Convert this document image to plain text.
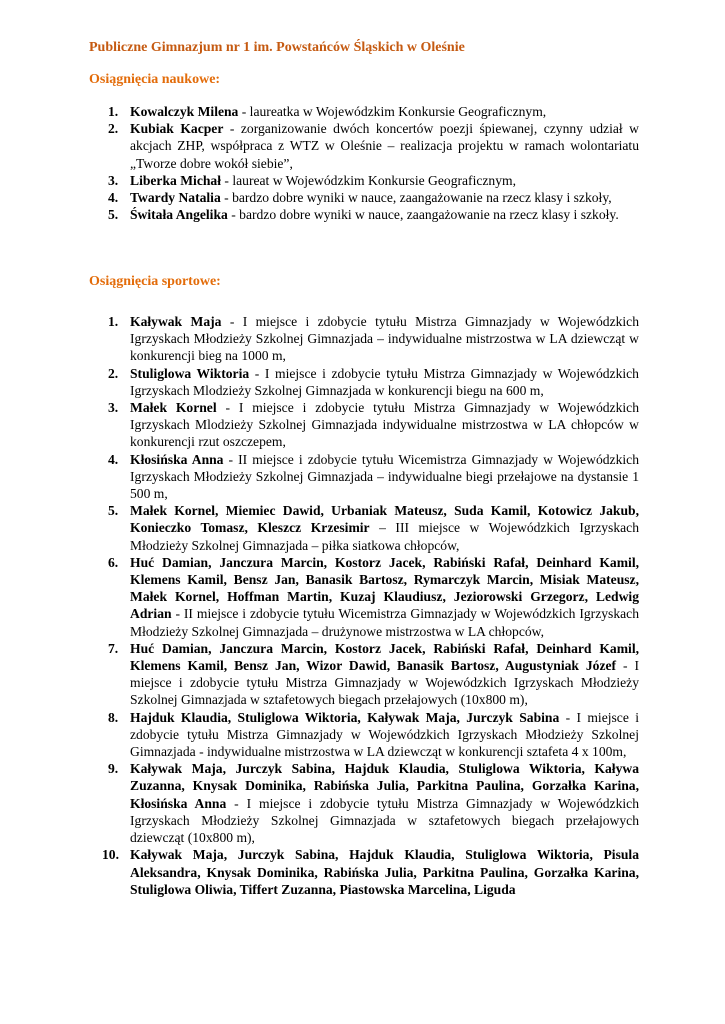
Publiczne Gimnazjum nr 1 im. Powstańców Śląskich w Oleśnie
Osiągnięcia naukowe:
1. Kowalczyk Milena - laureatka w Wojewódzkim Konkursie Geograficznym,
2. Kubiak Kacper - zorganizowanie dwóch koncertów poezji śpiewanej, czynny udział w akcjach ZHP, współpraca z WTZ w Oleśnie – realizacja projektu w ramach wolontariatu „Tworze dobre wokół siebie”,
3. Liberka Michał - laureat w Wojewódzkim Konkursie Geograficznym,
4. Twardy Natalia - bardzo dobre wyniki w nauce, zaangażowanie na rzecz klasy i szkoły,
5. Świtała Angelika - bardzo dobre wyniki w nauce, zaangażowanie na rzecz klasy i szkoły.
Osiągnięcia sportowe:
1. Kaływak Maja - I miejsce i zdobycie tytułu Mistrza Gimnazjady w Wojewódzkich Igrzyskach Młodzieży Szkolnej Gimnazjada – indywidualne mistrzostwa w LA dziewcząt w konkurencji bieg na 1000 m,
2. Stuliglowa Wiktoria - I miejsce i zdobycie tytułu Mistrza Gimnazjady w Wojewódzkich Igrzyskach Mlodzieży Szkolnej Gimnazjada w konkurencji biegu na 600 m,
3. Małek Kornel - I miejsce i zdobycie tytułu Mistrza Gimnazjady w Wojewódzkich Igrzyskach Mlodzieży Szkolnej Gimnazjada indywidualne mistrzostwa w LA chłopców w konkurencji rzut oszczepem,
4. Kłosińska Anna - II miejsce i zdobycie tytułu Wicemistrza Gimnazjady w Wojewódzkich Igrzyskach Młodzieży Szkolnej Gimnazjada – indywidualne biegi przełajowe na dystansie 1 500 m,
5. Małek Kornel, Miemiec Dawid, Urbaniak Mateusz, Suda Kamil, Kotowicz Jakub, Konieczko Tomasz, Kleszcz Krzesimir – III miejsce w Wojewódzkich Igrzyskach Młodzieży Szkolnej Gimnazjada – piłka siatkowa chłopców,
6. Huć Damian, Janczura Marcin, Kostorz Jacek, Rabiński Rafał, Deinhard Kamil, Klemens Kamil, Bensz Jan, Banasik Bartosz, Rymarczyk Marcin, Misiak Mateusz, Małek Kornel, Hoffman Martin, Kuzaj Klaudiusz, Jeziorowski Grzegorz, Ledwig Adrian - II miejsce i zdobycie tytułu Wicemistrza Gimnazjady w Wojewódzkich Igrzyskach Młodzieży Szkolnej Gimnazjada – drużynowe mistrzostwa w LA chłopców,
7. Huć Damian, Janczura Marcin, Kostorz Jacek, Rabiński Rafał, Deinhard Kamil, Klemens Kamil, Bensz Jan, Wizor Dawid, Banasik Bartosz, Augustyniak Józef - I miejsce i zdobycie tytułu Mistrza Gimnazjady w Wojewódzkich Igrzyskach Młodzieży Szkolnej Gimnazjada w sztafetowych biegach przełajowych (10x800 m),
8. Hajduk Klaudia, Stuliglowa Wiktoria, Kaływak Maja, Jurczyk Sabina - I miejsce i zdobycie tytułu Mistrza Gimnazjady w Wojewódzkich Igrzyskach Młodzieży Szkolnej Gimnazjada - indywidualne mistrzostwa w LA dziewcząt w konkurencji sztafeta 4 x 100m,
9. Kaływak Maja, Jurczyk Sabina, Hajduk Klaudia, Stuliglowa Wiktoria, Kaływa Zuzanna, Knysak Dominika, Rabińska Julia, Parkitna Paulina, Gorzałka Karina, Kłosińska Anna - I miejsce i zdobycie tytułu Mistrza Gimnazjady w Wojewódzkich Igrzyskach Młodzieży Szkolnej Gimnazjada w sztafetowych biegach przełajowych dziewcząt (10x800 m),
10. Kaływak Maja, Jurczyk Sabina, Hajduk Klaudia, Stuliglowa Wiktoria, Pisula Aleksandra, Knysak Dominika, Rabińska Julia, Parkitna Paulina, Gorzałka Karina, Stuliglowa Oliwia, Tiffert Zuzanna, Piastowska Marcelina, Liguda
